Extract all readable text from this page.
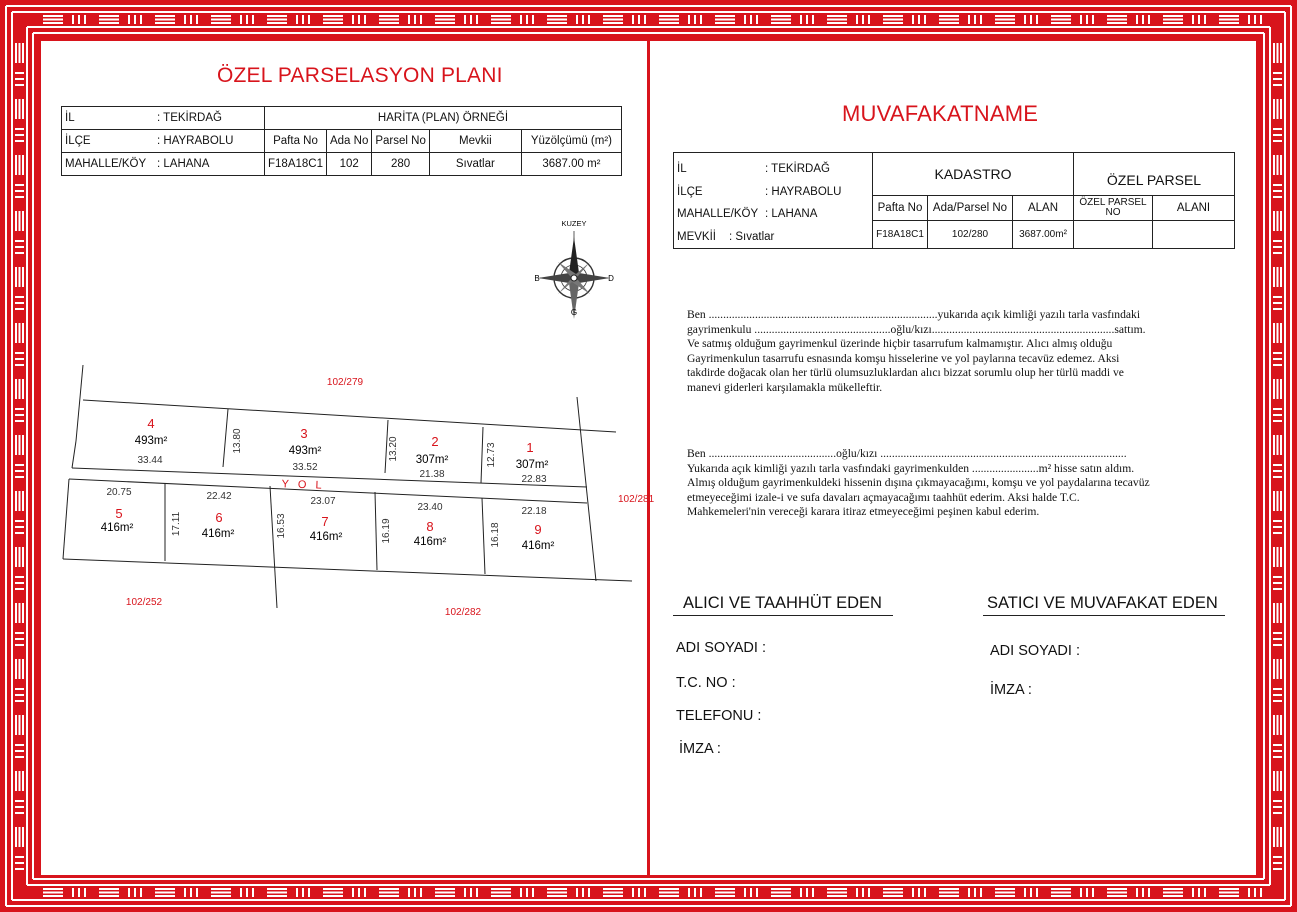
ÖZEL PARSELASYON PLANI
İL : TEKİRDAĞ	HARİTA (PLAN) ÖRNEĞİ				
İLÇE : HAYRABOLU	Pafta No	Ada No	Parsel No	Mevkii	Yüzölçümü (m²)
MAHALLE/KÖY : LAHANA	F18A18C1	102	280	Sıvatlar	3687.00 m²
KUZEY
B	D
G
102/279
102/281
102/252
102/282
Y O L
4
493m²
33.44
3
493m²
33.52
13.80	2
307m²
21.38
13.20	1
307m²
22.83
12.73
20.75
5
416m²
22.42
6
416m²
17.11
23.07
7
416m²
16.53
23.40
8
416m²
16.19
22.18
9
416m²
16.18
MUVAFAKATNAME
İL : TEKİRDAĞ
İLÇE : HAYRABOLU
MAHALLE/KÖY : LAHANA
MEVKİİ : Sıvatlar	KADASTRO			ÖZEL PARSEL	
	Pafta No	Ada/Parsel No	ALAN	ÖZEL PARSEL NO	ALANI
	F18A18C1	102/280	3687.00m²		
Ben ...............................................................................yukarıda açık kimliği yazılı tarla vasfındaki
gayrimenkulu ...............................................oğlu/kızı...............................................................sattım.
Ve satmış olduğum gayrimenkul üzerinde hiçbir tasarrufum kalmamıştır. Alıcı almış olduğu
Gayrimenkulun tasarrufu esnasında komşu hisselerine ve yol paylarına tecavüz edemez. Aksi
takdirde doğacak olan her türlü olumsuzluklardan alıcı bizzat sorumlu olup her türlü maddi ve
manevi giderleri karşılamakla mükelleftir.
Ben ............................................oğlu/kızı .....................................................................................
Yukarıda açık kimliği yazılı tarla vasfındaki gayrimenkulden .......................m² hisse satın aldım.
Almış olduğum gayrimenkuldeki hissenin dışına çıkmayacağımı, komşu ve yol paydalarına tecavüz
etmeyeceğimi izale-i ve sufa davaları açmayacağımı taahhüt ederim. Aksi halde T.C.
Mahkemeleri'nin vereceği karara itiraz etmeyeceğimi peşinen kabul ederim.
ALICI VE TAAHHÜT EDEN
ADI SOYADI :
T.C. NO :
TELEFONU :
İMZA :
SATICI VE MUVAFAKAT EDEN
ADI SOYADI :
İMZA :
